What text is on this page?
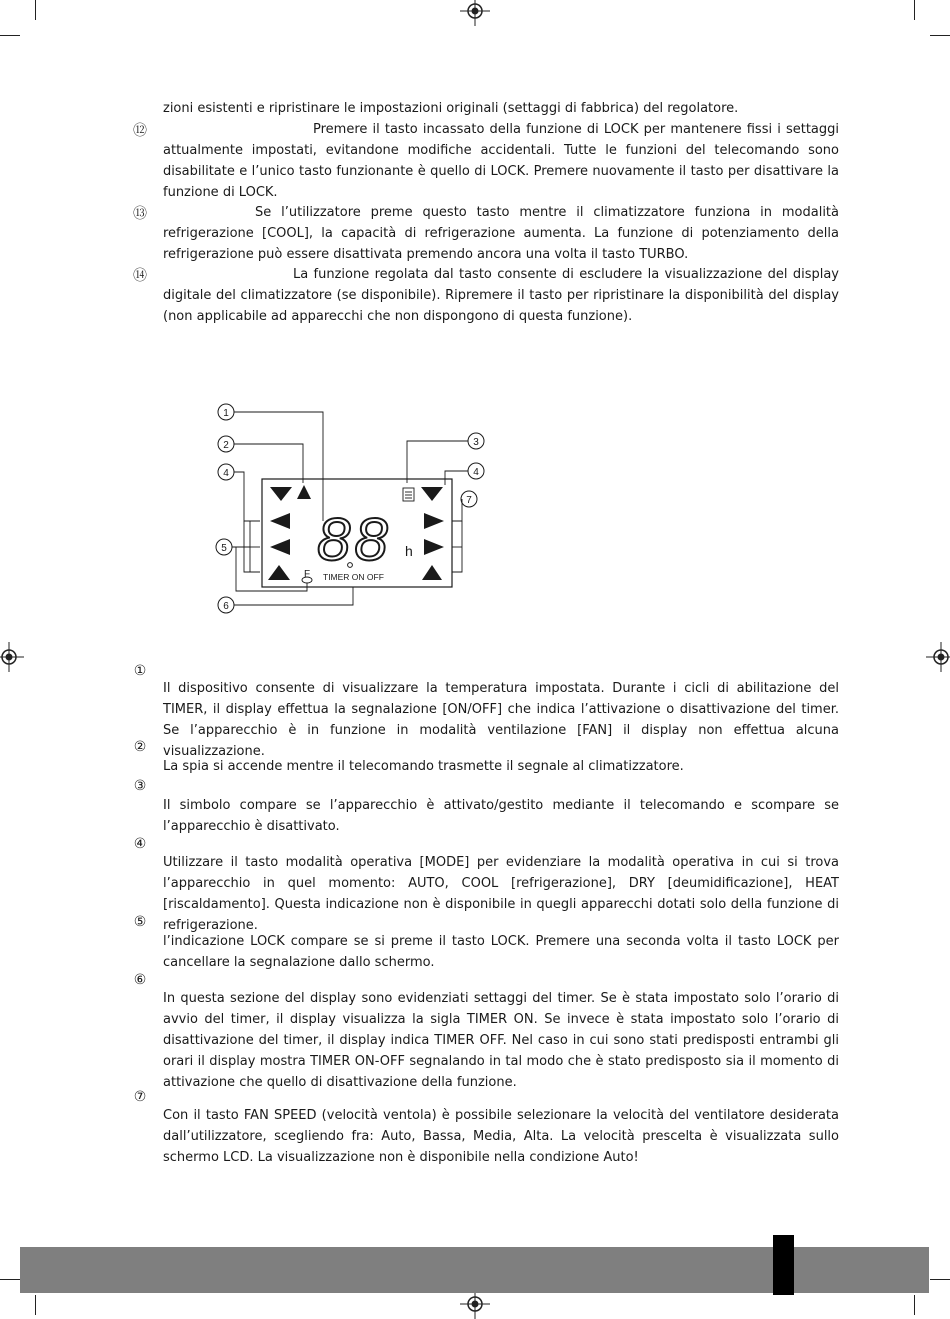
zioni esistenti e ripristinare le impostazioni originali (settaggi di fabbrica) del regolatore.

⑫	Premere il tasto incassato della funzione di LOCK per mantenere fissi i settaggi attualmente impostati, evitandone modifiche accidentali. Tutte le funzioni del telecomando sono disabilitate e l’unico tasto funzionante è quello di LOCK. Premere nuovamente il tasto per disattivare la funzione di LOCK.

⑬	Se l’utilizzatore preme questo tasto mentre il climatizzatore funziona in modalità refrigerazione [COOL], la capacità di refrigerazione aumenta. La funzione di potenziamento della refrigerazione può essere disattivata premendo ancora una volta il tasto TURBO.

⑭	La funzione regolata dal tasto consente di escludere la visualizzazione del display digitale del climatizzatore (se disponibile). Ripremere il tasto per ripristinare la disponibilità del display (non applicabile ad apparecchi che non dispongono di questa funzione).

1
2	3
4	4
5
6
7
88 h
F TIMER ON OFF
①

Il dispositivo consente di visualizzare la temperatura impostata. Durante i cicli di abilitazione del TIMER, il display effettua la segnalazione [ON/OFF] che indica l’attivazione o disattivazione del timer. Se l’apparecchio è in funzione in modalità ventilazione [FAN] il display non effettua alcuna visualizzazione.

②

La spia si accende mentre il telecomando trasmette il segnale al climatizzatore.

③

Il simbolo compare se l’apparecchio è attivato/gestito mediante il telecomando e scompare se l’apparecchio è disattivato.

④

Utilizzare il tasto modalità operativa [MODE] per evidenziare la modalità operativa in cui si trova l’apparecchio in quel momento: AUTO, COOL [refrigerazione], DRY [deumidificazione], HEAT [riscaldamento]. Questa indicazione non è disponibile in quegli apparecchi dotati solo della funzione di refrigerazione.

⑤

l’indicazione LOCK compare se si preme il tasto LOCK. Premere una seconda volta il tasto LOCK per cancellare la segnalazione dallo schermo.

⑥

In questa sezione del display sono evidenziati settaggi del timer. Se è stata impostato solo l’orario di avvio del timer, il display visualizza la sigla TIMER ON. Se invece è stata impostato solo l’orario di disattivazione del timer, il display indica TIMER OFF. Nel caso in cui sono stati predisposti entrambi gli orari il display mostra TIMER ON-OFF segnalando in tal modo che è stato predisposto sia il momento di attivazione che quello di disattivazione della funzione.

⑦

Con il tasto FAN SPEED (velocità ventola) è possibile selezionare la velocità del ventilatore desiderata dall’utilizzatore, scegliendo fra: Auto, Bassa, Media, Alta. La velocità prescelta è visualizzata sullo schermo LCD. La visualizzazione non è disponibile nella condizione Auto!
